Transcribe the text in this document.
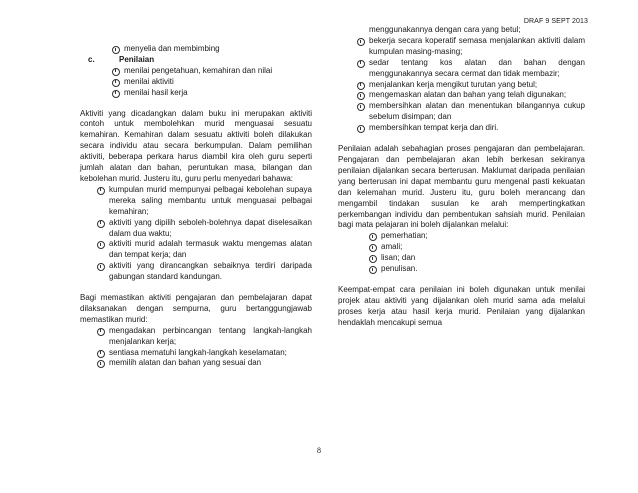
DRAF 9 SEPT 2013
menyelia dan membimbing
c.	Penilaian
menilai pengetahuan, kemahiran dan nilai
menilai aktiviti
menilai hasil kerja

Aktiviti yang dicadangkan dalam buku ini merupakan aktiviti contoh untuk membolehkan murid menguasai sesuatu kemahiran. Kemahiran dalam sesuatu aktiviti boleh dilakukan secara individu atau secara berkumpulan. Dalam pemilihan aktiviti, beberapa perkara harus diambil kira oleh guru seperti jumlah alatan dan bahan, peruntukan masa, bilangan dan kebolehan murid. Justeru itu, guru perlu menyedari bahawa:

kumpulan murid mempunyai pelbagai kebolehan supaya mereka saling membantu untuk menguasai pelbagai kemahiran;
aktiviti yang dipilih seboleh-bolehnya dapat diselesaikan dalam dua waktu;
aktiviti murid adalah termasuk waktu mengemas alatan dan tempat kerja; dan
aktiviti yang dirancangkan sebaiknya terdiri daripada gabungan standard kandungan.

Bagi memastikan aktiviti pengajaran dan pembelajaran dapat dilaksanakan dengan sempurna, guru bertanggungjawab memastikan murid:

mengadakan perbincangan tentang langkah-langkah menjalankan kerja;
sentiasa mematuhi langkah-langkah keselamatan;
memilih alatan dan bahan yang sesuai dan
menggunakannya dengan cara yang betul;
bekerja secara koperatif semasa menjalankan aktiviti dalam kumpulan masing-masing;
sedar tentang kos alatan dan bahan dengan menggunakannya secara cermat dan tidak membazir;
menjalankan kerja mengikut turutan yang betul;
mengemaskan alatan dan bahan yang telah digunakan;
membersihkan alatan dan menentukan bilangannya cukup sebelum disimpan; dan
membersihkan tempat kerja dan diri.

Penilaian adalah sebahagian proses pengajaran dan pembelajaran. Pengajaran dan pembelajaran akan lebih berkesan sekiranya penilaian dijalankan secara berterusan. Maklumat daripada penilaian yang berterusan ini dapat membantu guru mengenal pasti kekuatan dan kelemahan murid. Justeru itu, guru boleh merancang dan mengambil tindakan susulan ke arah mempertingkatkan perkembangan individu dan pembentukan sahsiah murid. Penilaian bagi mata pelajaran ini boleh dijalankan melalui:

pemerhatian;
amali;
lisan; dan
penulisan.

Keempat-empat cara penilaian ini boleh digunakan untuk menilai projek atau aktiviti yang dijalankan oleh murid sama ada melalui proses kerja atau hasil kerja murid. Penilaian yang dijalankan hendaklah mencakupi semua

8
